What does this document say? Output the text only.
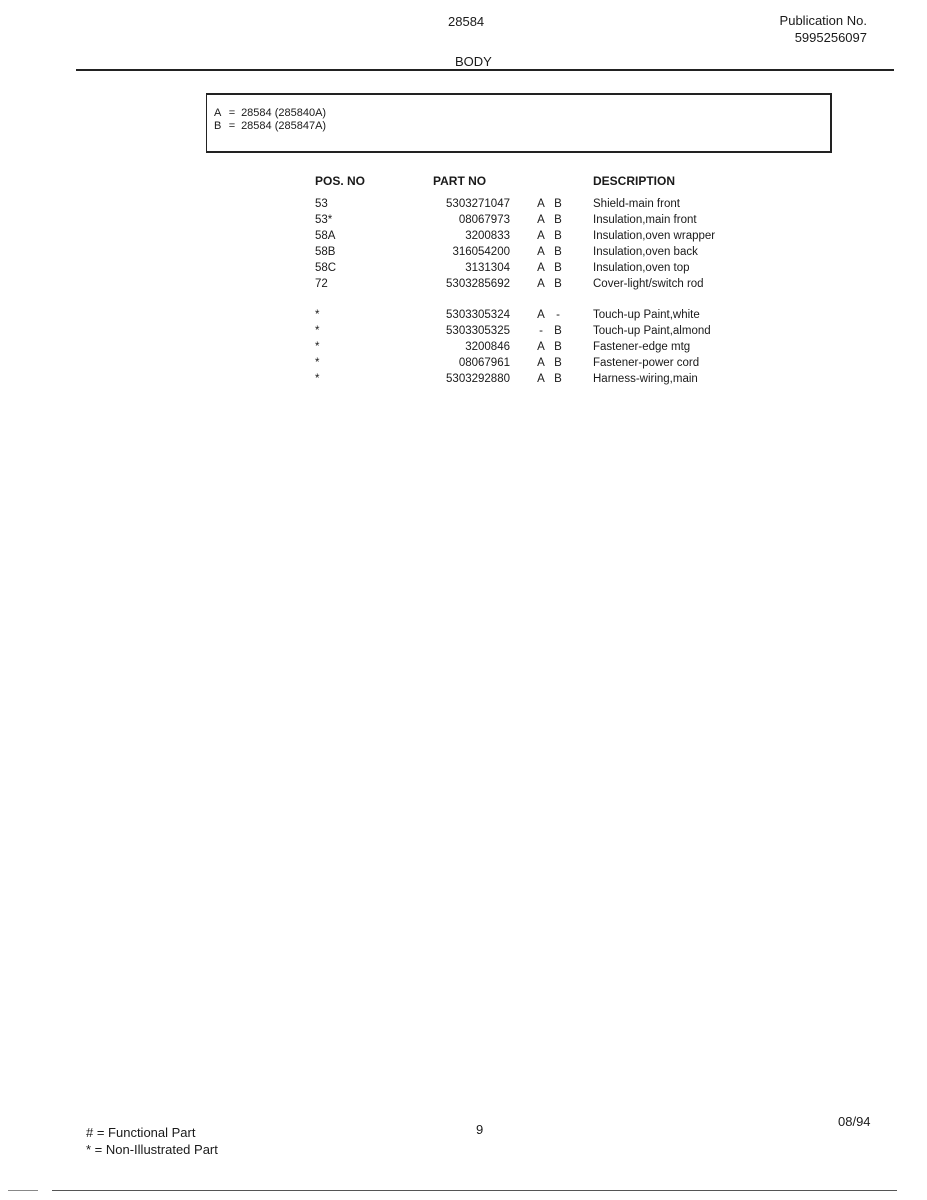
28584	Publication No.
5995256097
BODY
A = 28584 (285840A)
B = 28584 (285847A)
POS. NO	PART NO	DESCRIPTION
53	5303271047 A B	Shield-main front
53*	08067973 A B	Insulation,main front
58A	3200833 A B	Insulation,oven wrapper
58B	316054200 A B	Insulation,oven back
58C	3131304 A B	Insulation,oven top
72	5303285692 A B	Cover-light/switch rod
*	5303305324 A -	Touch-up Paint,white
*	5303305325	- B	Touch-up Paint,almond
*	3200846 A B	Fastener-edge mtg
*	08067961 A B	Fastener-power cord
*	5303292880 A B	Harness-wiring,main
# = Functional Part
* = Non-Illustrated Part
9
08/94
